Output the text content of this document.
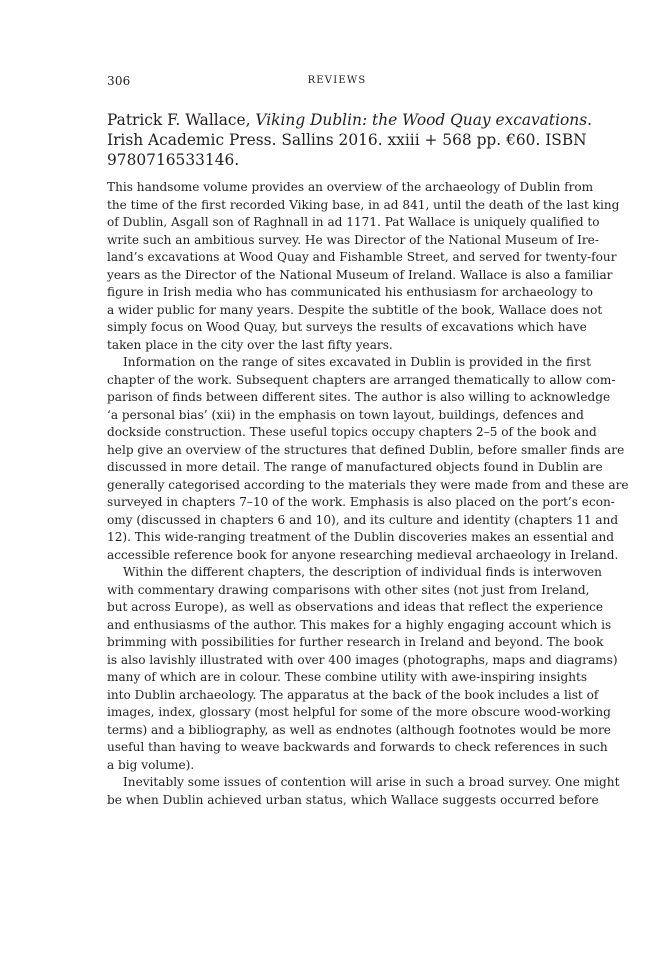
306	REVIEWS
Patrick F. Wallace, Viking Dublin: the Wood Quay excavations.
Irish Academic Press. Sallins 2016. xxiii + 568 pp. €60. ISBN
9780716533146.
This handsome volume provides an overview of the archaeology of Dublin from
the time of the first recorded Viking base, in ad 841, until the death of the last king
of Dublin, Asgall son of Raghnall in ad 1171. Pat Wallace is uniquely qualified to
write such an ambitious survey. He was Director of the National Museum of Ire-
land’s excavations at Wood Quay and Fishamble Street, and served for twenty-four
years as the Director of the National Museum of Ireland. Wallace is also a familiar
figure in Irish media who has communicated his enthusiasm for archaeology to
a wider public for many years. Despite the subtitle of the book, Wallace does not
simply focus on Wood Quay, but surveys the results of excavations which have
taken place in the city over the last fifty years.
Information on the range of sites excavated in Dublin is provided in the first
chapter of the work. Subsequent chapters are arranged thematically to allow com-
parison of finds between different sites. The author is also willing to acknowledge
‘a personal bias’ (xii) in the emphasis on town layout, buildings, defences and
dockside construction. These useful topics occupy chapters 2–5 of the book and
help give an overview of the structures that defined Dublin, before smaller finds are
discussed in more detail. The range of manufactured objects found in Dublin are
generally categorised according to the materials they were made from and these are
surveyed in chapters 7–10 of the work. Emphasis is also placed on the port’s econ-
omy (discussed in chapters 6 and 10), and its culture and identity (chapters 11 and
12). This wide-ranging treatment of the Dublin discoveries makes an essential and
accessible reference book for anyone researching medieval archaeology in Ireland.
Within the different chapters, the description of individual finds is interwoven
with commentary drawing comparisons with other sites (not just from Ireland,
but across Europe), as well as observations and ideas that reflect the experience
and enthusiasms of the author. This makes for a highly engaging account which is
brimming with possibilities for further research in Ireland and beyond. The book
is also lavishly illustrated with over 400 images (photographs, maps and diagrams)
many of which are in colour. These combine utility with awe-inspiring insights
into Dublin archaeology. The apparatus at the back of the book includes a list of
images, index, glossary (most helpful for some of the more obscure wood-working
terms) and a bibliography, as well as endnotes (although footnotes would be more
useful than having to weave backwards and forwards to check references in such
a big volume).
Inevitably some issues of contention will arise in such a broad survey. One might
be when Dublin achieved urban status, which Wallace suggests occurred before
